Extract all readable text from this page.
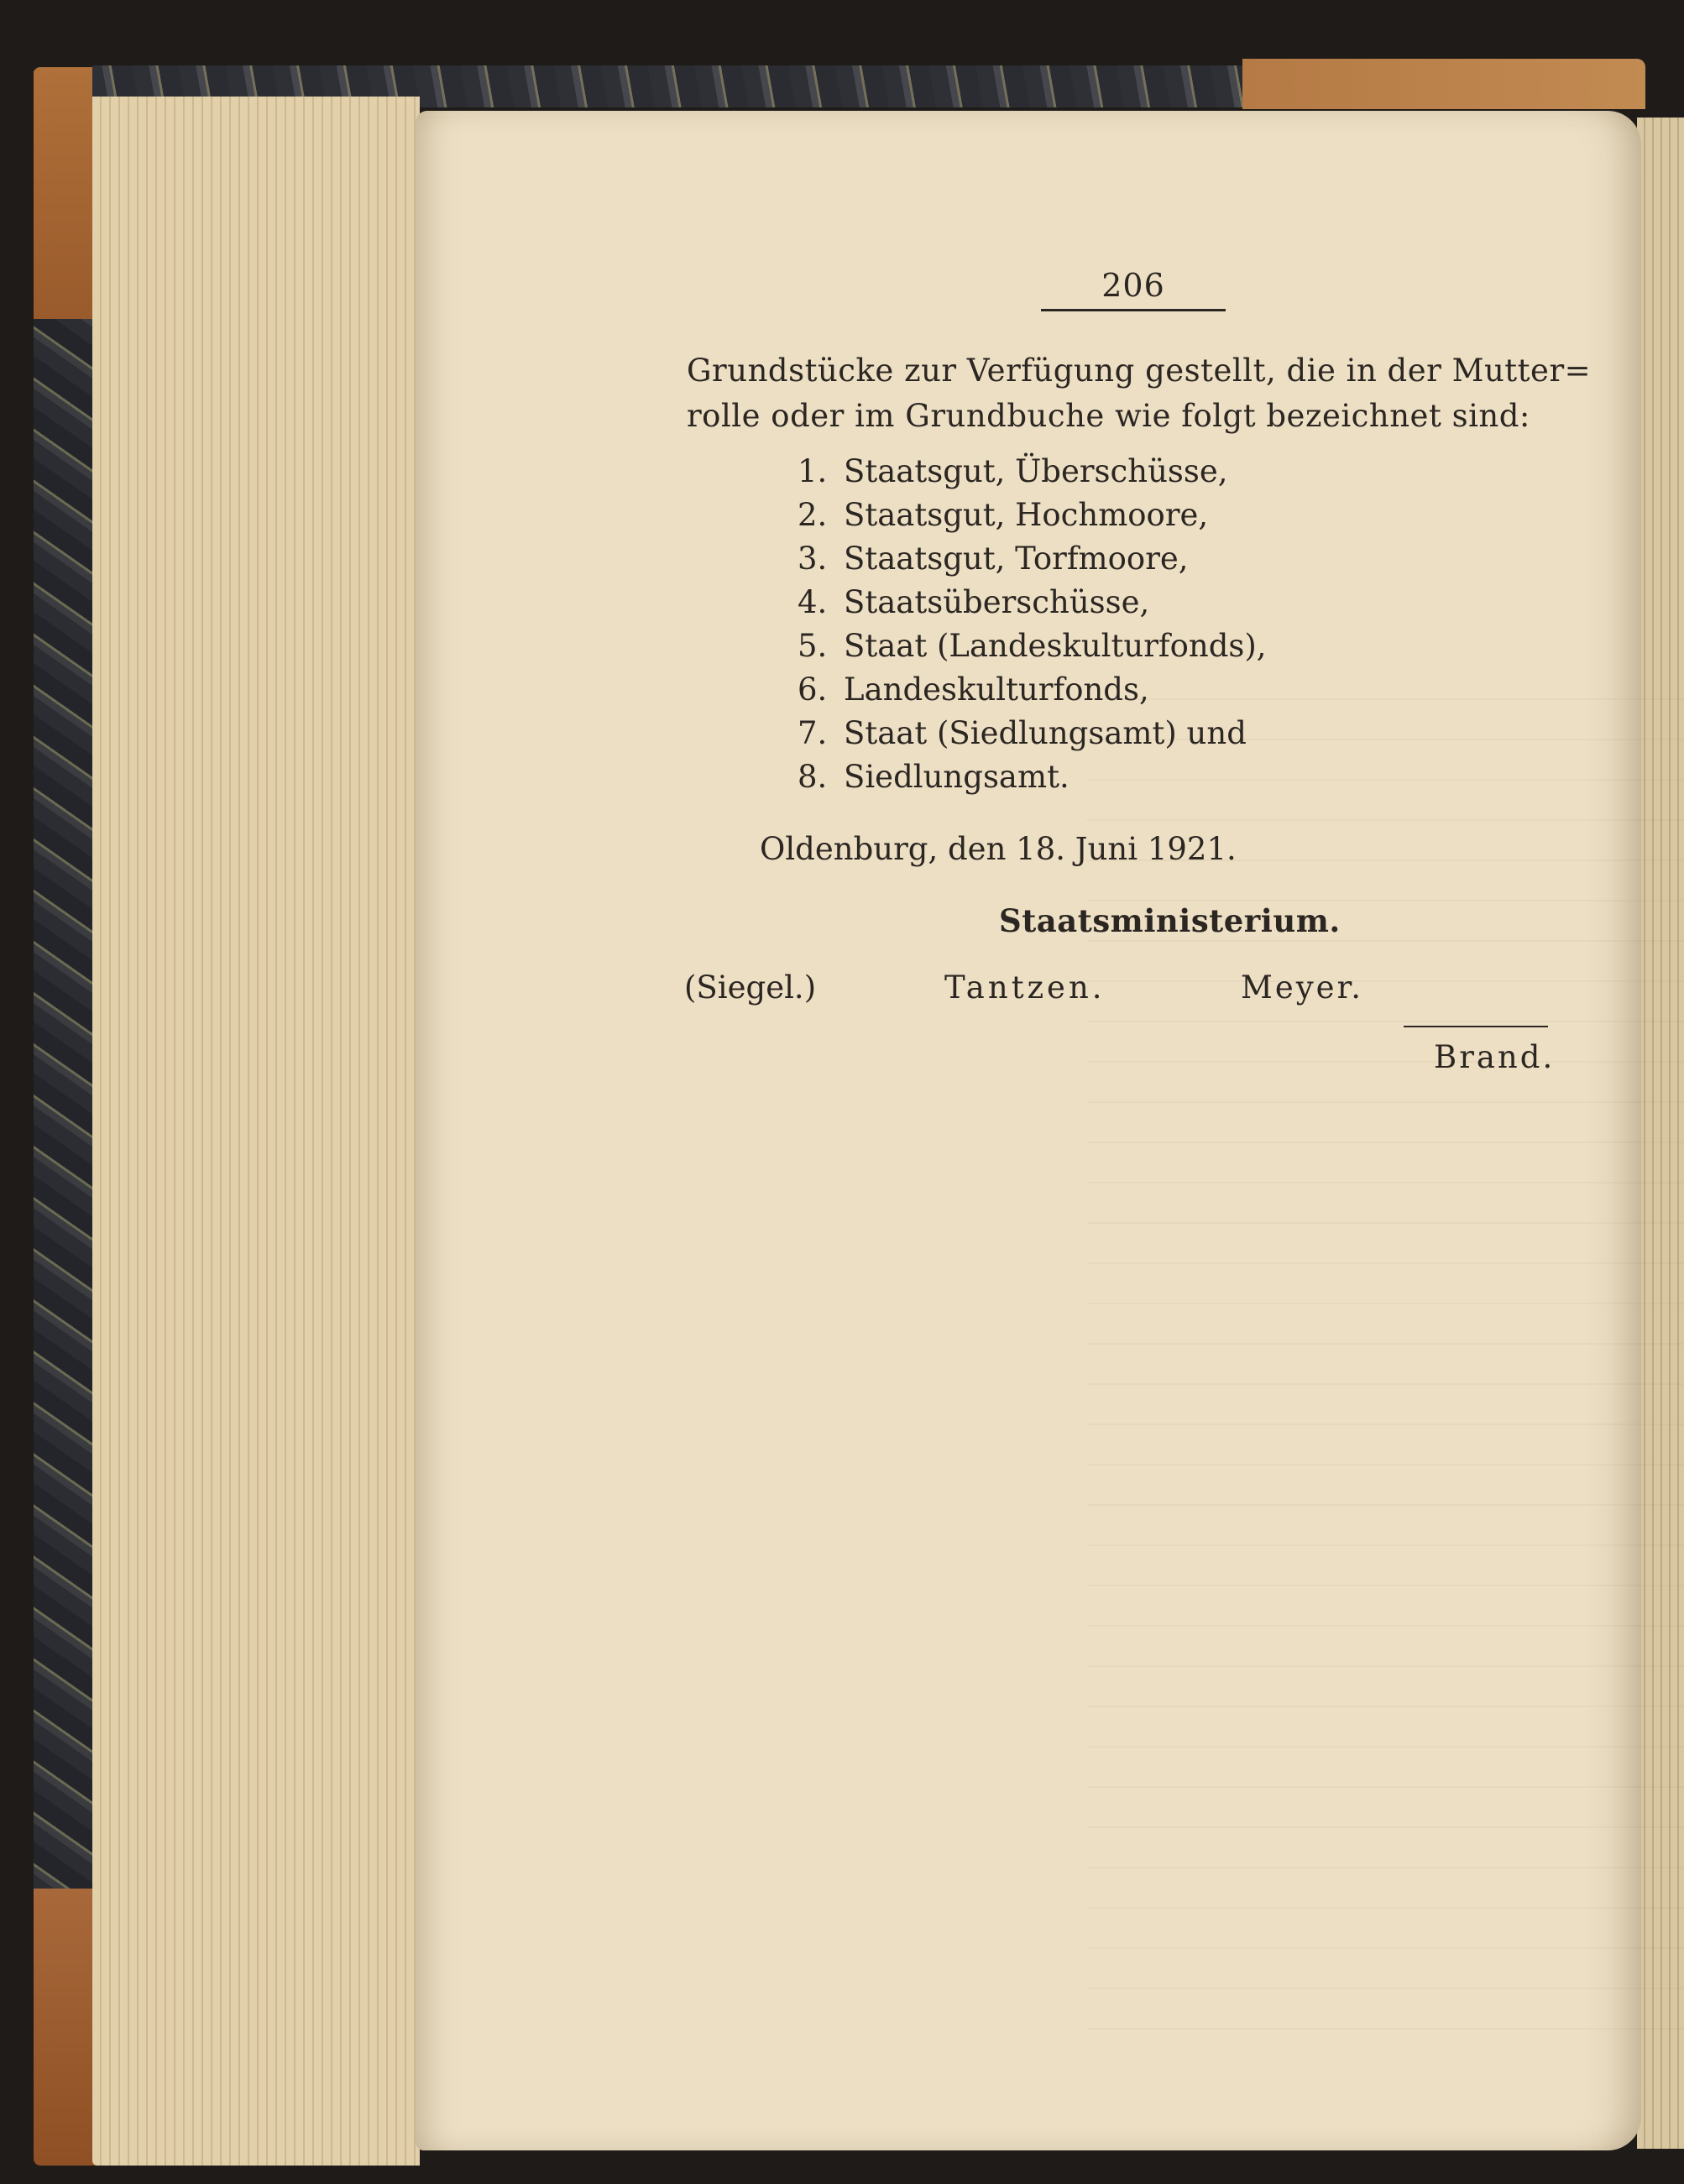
206
Grundstücke zur Verfügung gestellt, die in der Mutter=
rolle oder im Grundbuche wie folgt bezeichnet sind:
1. Staatsgut, Überschüsse,
2. Staatsgut, Hochmoore,
3. Staatsgut, Torfmoore,
4. Staatsüberschüsse,
5. Staat (Landeskulturfonds),
6. Landeskulturfonds,
7. Staat (Siedlungsamt) und
8. Siedlungsamt.
Oldenburg, den 18. Juni 1921.
Staatsministerium.
(Siegel.)	Tantzen.	Meyer.
Brand.
